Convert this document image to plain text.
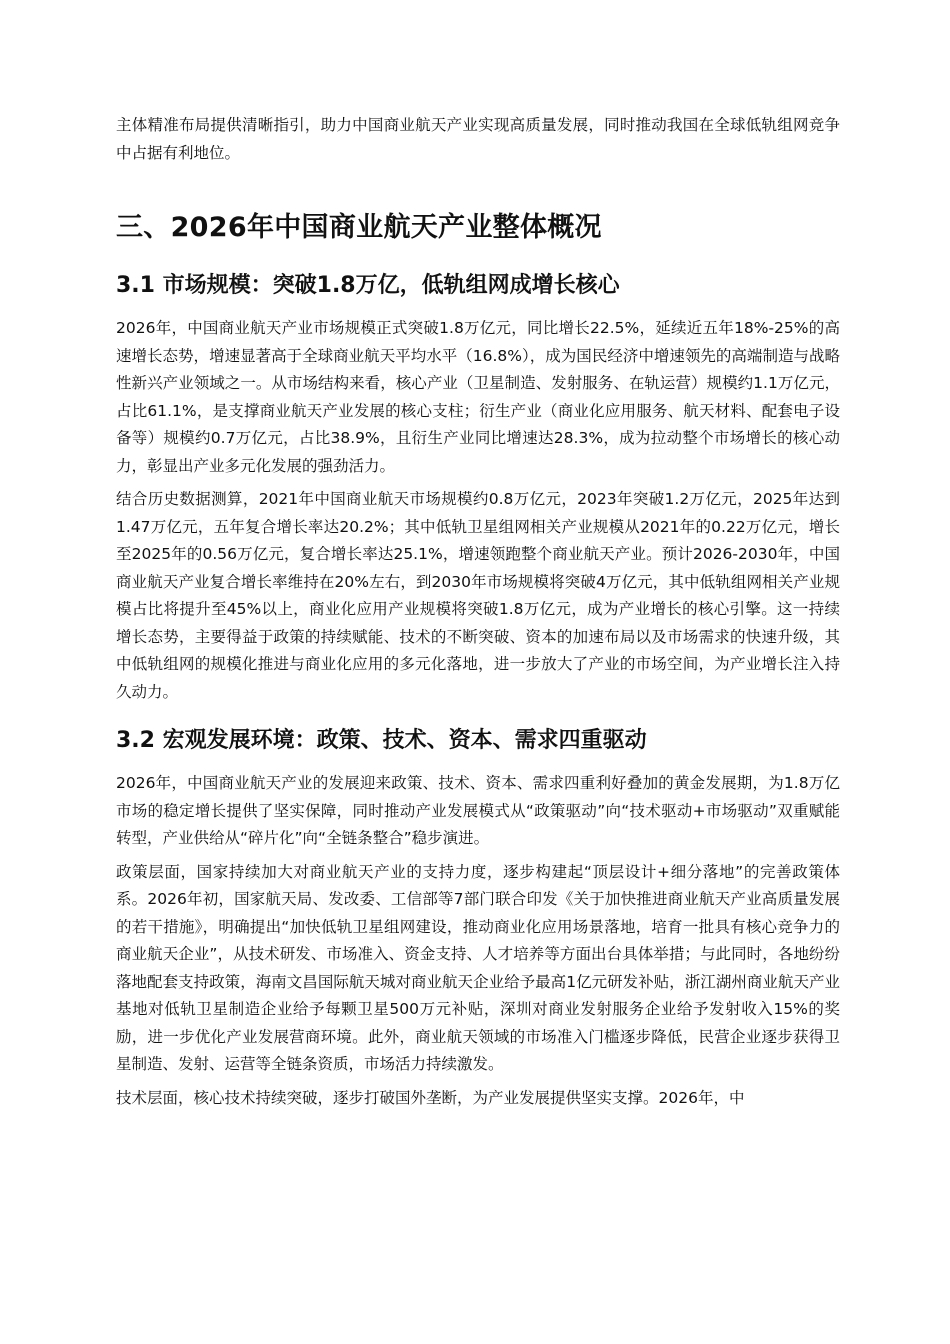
主体精准布局提供清晰指引，助力中国商业航天产业实现高质量发展，同时推动我国在全球低轨组网竞争中占据有利地位。

三、2026年中国商业航天产业整体概况
3.1 市场规模：突破1.8万亿，低轨组网成增长核心

2026年，中国商业航天产业市场规模正式突破1.8万亿元，同比增长22.5%，延续近五年18%-25%的高速增长态势，增速显著高于全球商业航天平均水平（16.8%），成为国民经济中增速领先的高端制造与战略性新兴产业领域之一。从市场结构来看，核心产业（卫星制造、发射服务、在轨运营）规模约1.1万亿元，占比61.1%，是支撑商业航天产业发展的核心支柱；衍生产业（商业化应用服务、航天材料、配套电子设备等）规模约0.7万亿元，占比38.9%，且衍生产业同比增速达28.3%，成为拉动整个市场增长的核心动力，彰显出产业多元化发展的强劲活力。

结合历史数据测算，2021年中国商业航天市场规模约0.8万亿元，2023年突破1.2万亿元，2025年达到1.47万亿元，五年复合增长率达20.2%；其中低轨卫星组网相关产业规模从2021年的0.22万亿元，增长至2025年的0.56万亿元，复合增长率达25.1%，增速领跑整个商业航天产业。预计2026-2030年，中国商业航天产业复合增长率维持在20%左右，到2030年市场规模将突破4万亿元，其中低轨组网相关产业规模占比将提升至45%以上，商业化应用产业规模将突破1.8万亿元，成为产业增长的核心引擎。这一持续增长态势，主要得益于政策的持续赋能、技术的不断突破、资本的加速布局以及市场需求的快速升级，其中低轨组网的规模化推进与商业化应用的多元化落地，进一步放大了产业的市场空间，为产业增长注入持久动力。

3.2 宏观发展环境：政策、技术、资本、需求四重驱动

2026年，中国商业航天产业的发展迎来政策、技术、资本、需求四重利好叠加的黄金发展期，为1.8万亿市场的稳定增长提供了坚实保障，同时推动产业发展模式从“政策驱动”向“技术驱动+市场驱动”双重赋能转型，产业供给从“碎片化”向“全链条整合”稳步演进。

政策层面，国家持续加大对商业航天产业的支持力度，逐步构建起“顶层设计+细分落地”的完善政策体系。2026年初，国家航天局、发改委、工信部等7部门联合印发《关于加快推进商业航天产业高质量发展的若干措施》，明确提出“加快低轨卫星组网建设，推动商业化应用场景落地，培育一批具有核心竞争力的商业航天企业”，从技术研发、市场准入、资金支持、人才培养等方面出台具体举措；与此同时，各地纷纷落地配套支持政策，海南文昌国际航天城对商业航天企业给予最高1亿元研发补贴，浙江湖州商业航天产业基地对低轨卫星制造企业给予每颗卫星500万元补贴，深圳对商业发射服务企业给予发射收入15%的奖励，进一步优化产业发展营商环境。此外，商业航天领域的市场准入门槛逐步降低，民营企业逐步获得卫星制造、发射、运营等全链条资质，市场活力持续激发。

技术层面，核心技术持续突破，逐步打破国外垄断，为产业发展提供坚实支撑。2026年，中
